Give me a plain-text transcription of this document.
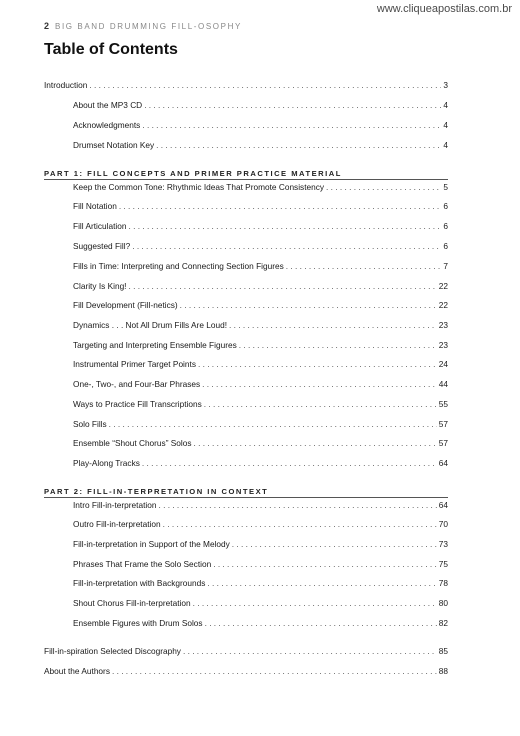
www.cliqueapostilas.com.br
2 BIG BAND DRUMMING FILL-OSOPHY
Table of Contents
Introduction . . .	3
About the MP3 CD . . .	4
Acknowledgments . . .	4
Drumset Notation Key . . .	4
PART 1: FILL CONCEPTS AND PRIMER PRACTICE MATERIAL
Keep the Common Tone: Rhythmic Ideas That Promote Consistency . . .	5
Fill Notation . . .	6
Fill Articulation . . .	6
Suggested Fill? . . .	6
Fills in Time: Interpreting and Connecting Section Figures . . .	7
Clarity Is King! . . .	22
Fill Development (Fill-netics) . . .	22
Dynamics . . . Not All Drum Fills Are Loud! . . .	23
Targeting and Interpreting Ensemble Figures . . .	23
Instrumental Primer Target Points . . .	24
One-, Two-, and Four-Bar Phrases . . .	44
Ways to Practice Fill Transcriptions . . .	55
Solo Fills . . .	57
Ensemble “Shout Chorus” Solos . . .	57
Play-Along Tracks . . .	64
PART 2: FILL-IN-TERPRETATION IN CONTEXT
Intro Fill-in-terpretation . . .	64
Outro Fill-in-terpretation . . .	70
Fill-in-terpretation in Support of the Melody . . .	73
Phrases That Frame the Solo Section . . .	75
Fill-in-terpretation with Backgrounds . . .	78
Shout Chorus Fill-in-terpretation . . .	80
Ensemble Figures with Drum Solos . . .	82
Fill-in-spiration Selected Discography . . .	85
About the Authors . . .	88
